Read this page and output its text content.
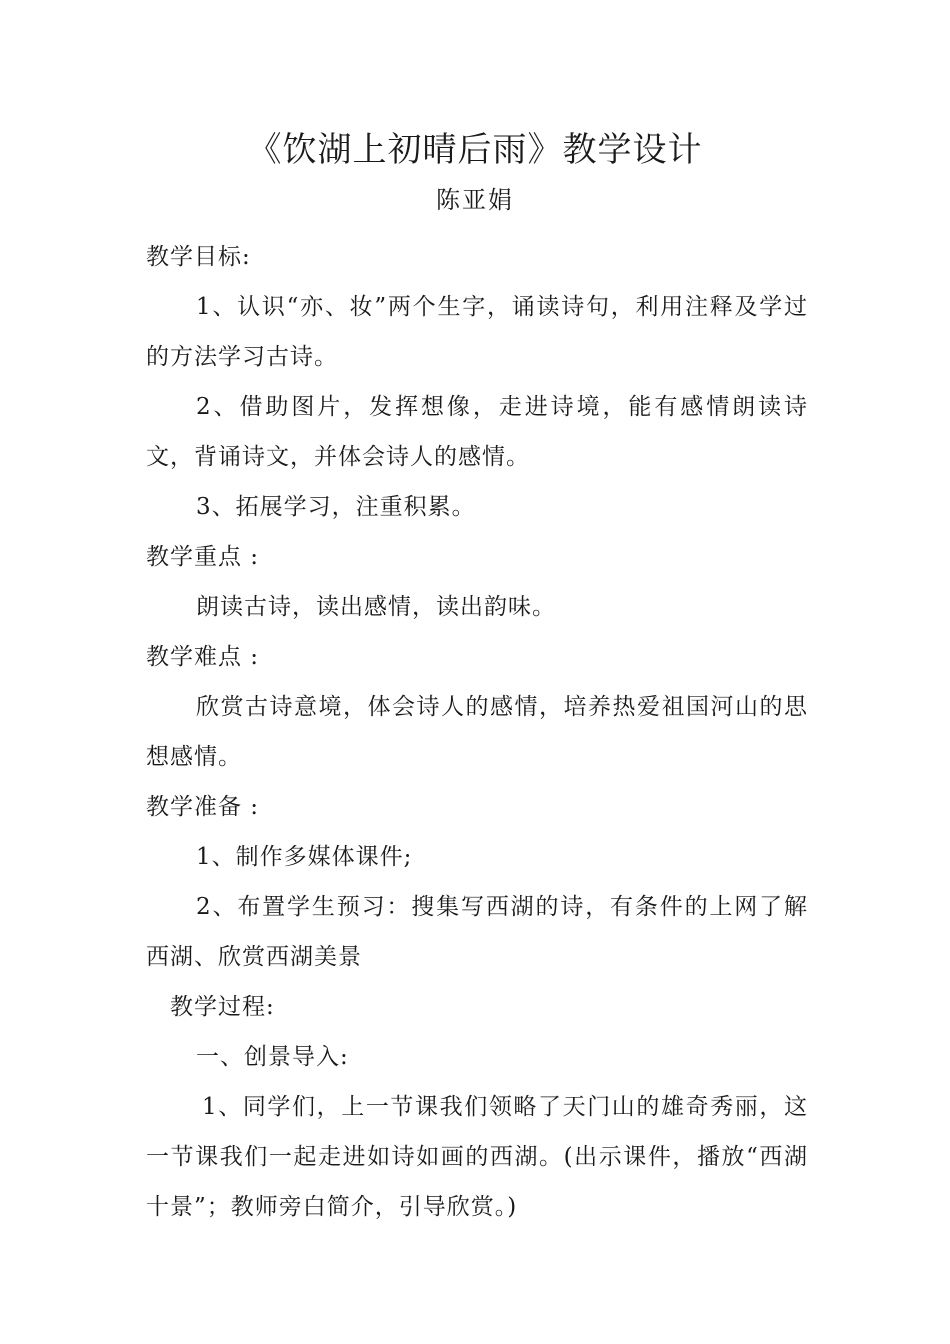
《饮湖上初晴后雨》教学设计
陈亚娟

教学目标:

1、认识“亦、妆”两个生字，诵读诗句，利用注释及学过的方法学习古诗。

2、借助图片，发挥想像，走进诗境，能有感情朗读诗文，背诵诗文，并体会诗人的感情。

3、拓展学习，注重积累。

教学重点 :

朗读古诗，读出感情，读出韵味。

教学难点 :

欣赏古诗意境，体会诗人的感情，培养热爱祖国河山的思想感情。

教学准备 :

1、制作多媒体课件;

2、布置学生预习：搜集写西湖的诗，有条件的上网了解西湖、欣赏西湖美景

教学过程:

一、创景导入:

1、同学们，上一节课我们领略了天门山的雄奇秀丽，这一节课我们一起走进如诗如画的西湖。(出示课件，播放“西湖十景”；教师旁白简介，引导欣赏。)
